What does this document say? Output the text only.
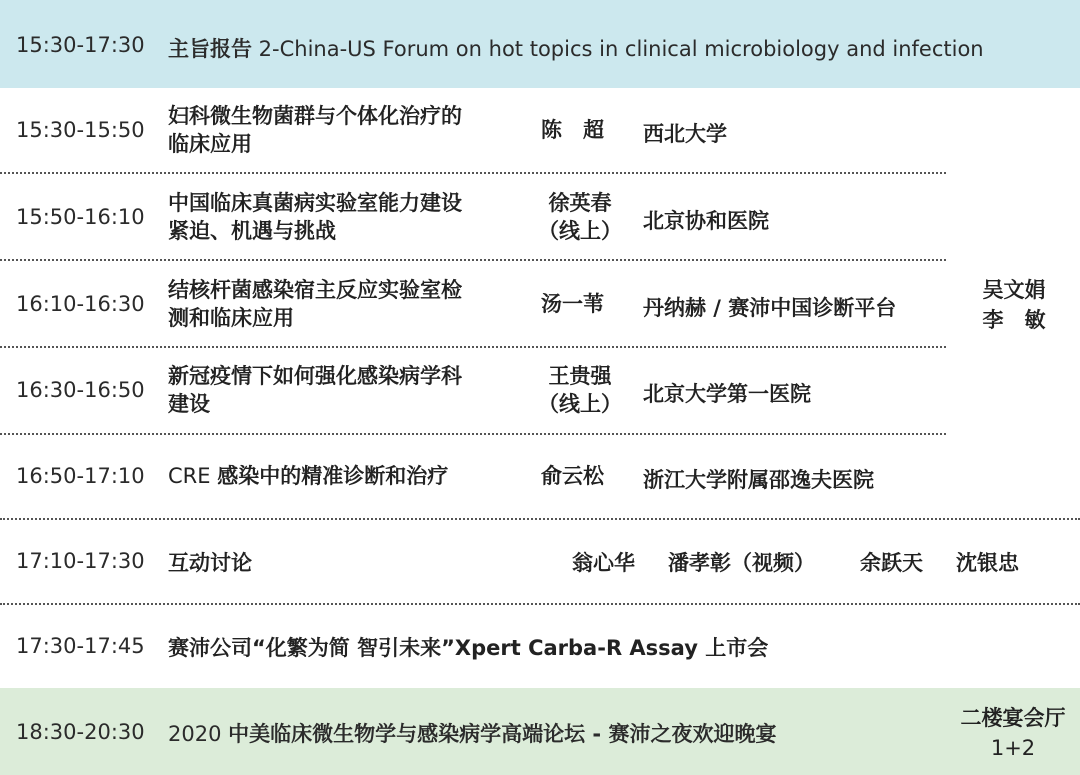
15:30-17:30 主旨报告 2-China-US Forum on hot topics in clinical microbiology and infection
15:30-15:50
妇科微生物菌群与个体化治疗的
临床应用
陈　超 西北大学
15:50-16:10
中国临床真菌病实验室能力建设
紧迫、机遇与挑战
徐英春
（线上） 北京协和医院
16:10-16:30
结核杆菌感染宿主反应实验室检
测和临床应用
汤一苇 丹纳赫 / 赛沛中国诊断平台
16:30-16:50
新冠疫情下如何强化感染病学科
建设
王贵强
（线上） 北京大学第一医院
16:50-17:10 CRE 感染中的精准诊断和治疗	俞云松 浙江大学附属邵逸夫医院
吴文娟
李　敏
17:10-17:30 互动讨论	翁心华 潘孝彰（视频） 余跃天 沈银忠
17:30-17:45 赛沛公司“化繁为简 智引未来”Xpert Carba-R Assay 上市会
18:30-20:30 2020 中美临床微生物学与感染病学高端论坛 - 赛沛之夜欢迎晚宴
二楼宴会厅
1+2
